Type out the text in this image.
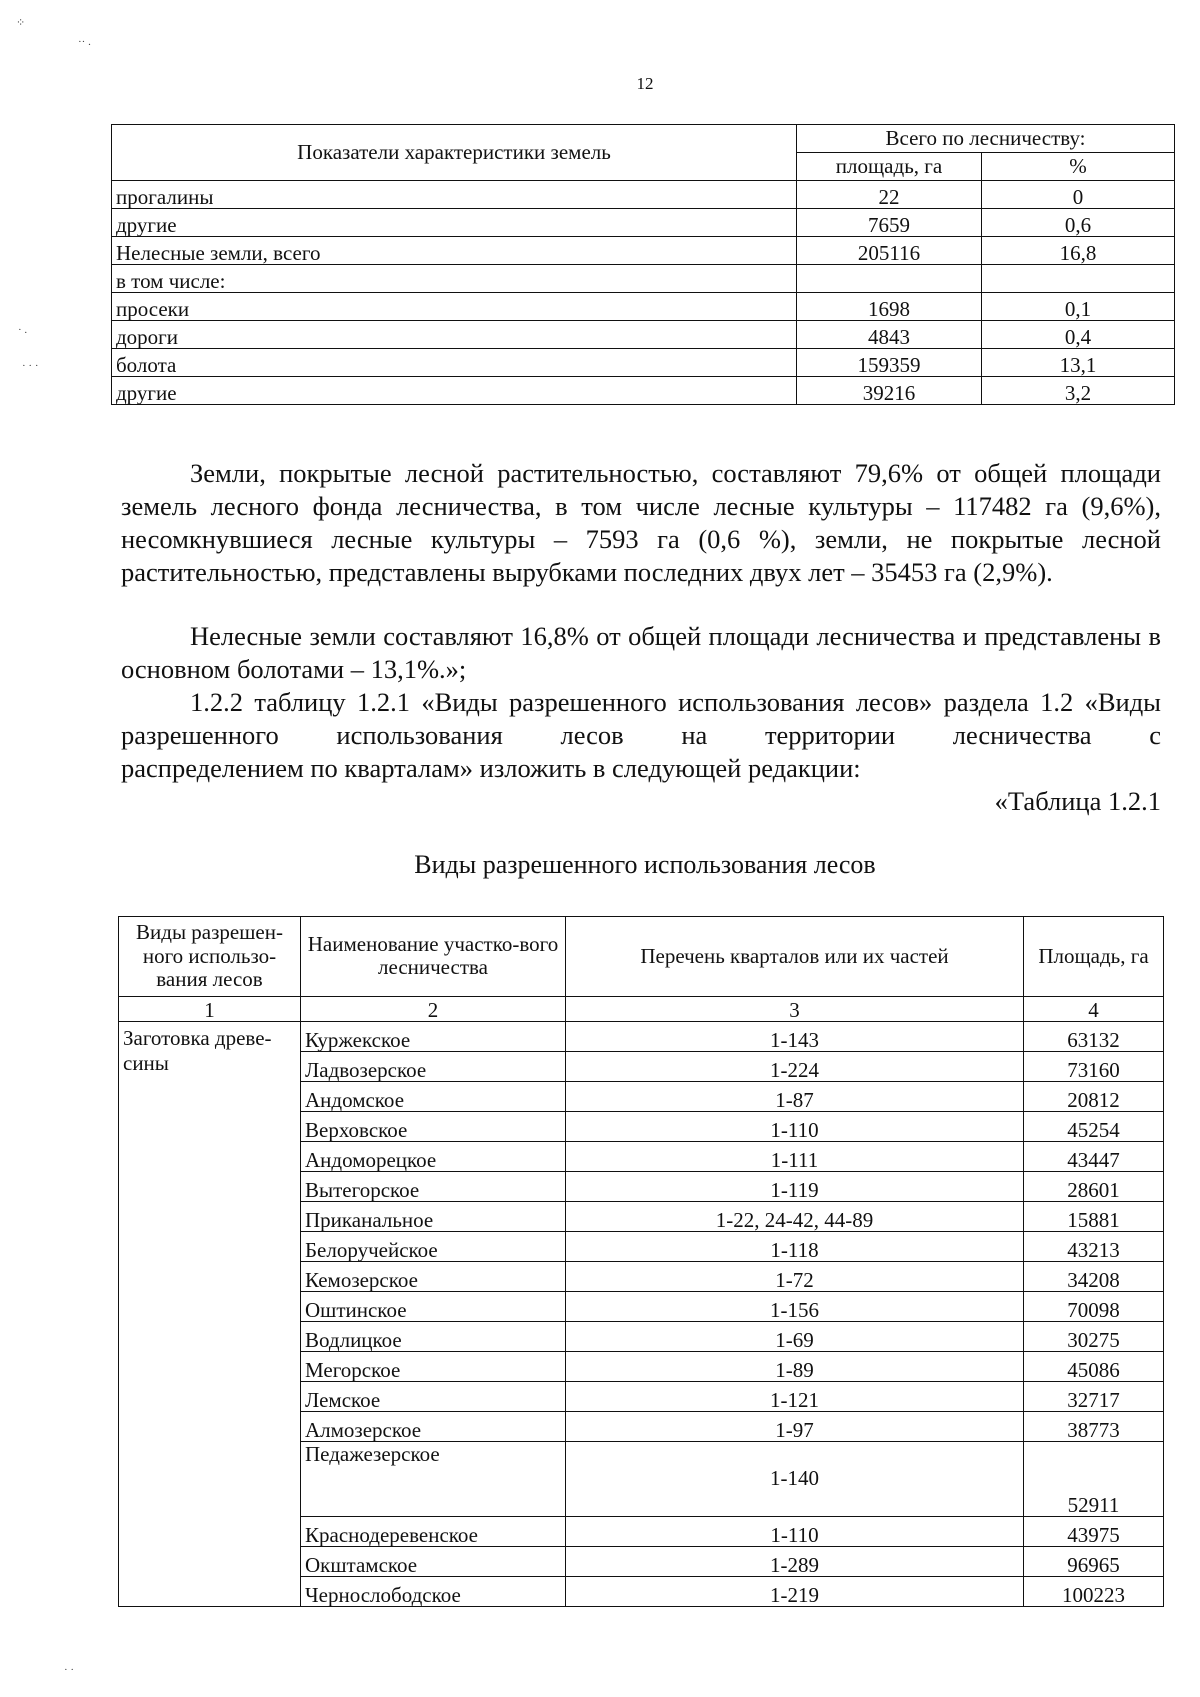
⁘
·· .
· .
· · ·
· ·
12
Показатели характеристики земель	Всего по лесничеству:	
	площадь, га	%
прогалины	22	0
другие	7659	0,6
Нелесные земли, всего	205116	16,8
в том числе:		
просеки	1698	0,1
дороги	4843	0,4
болота	159359	13,1
другие	39216	3,2
Земли, покрытые лесной растительностью, составляют 79,6% от общей площади земель лесного фонда лесничества, в том числе лесные культуры – 117482 га (9,6%), несомкнувшиеся лесные культуры – 7593 га (0,6 %), земли, не покрытые лесной растительностью, представлены вырубками последних двух лет – 35453 га (2,9%).
Нелесные земли составляют 16,8% от общей площади лесничества и представлены в основном болотами – 13,1%.»;
1.2.2 таблицу 1.2.1 «Виды разрешенного использования лесов» раздела 1.2 «Виды разрешенного использования лесов на территории лесничества с
распределением по кварталам» изложить в следующей редакции:
«Таблица 1.2.1
Виды разрешенного использования лесов
Виды разрешен-ного использо-вания лесов	Наименование участко-вого лесничества	Перечень кварталов или их частей	Площадь, га
1	2	3	4
Заготовка древе-сины	Куржекское	1-143	63132
	Ладвозерское	1-224	73160
	Андомское	1-87	20812
	Верховское	1-110	45254
	Андоморецкое	1-111	43447
	Вытегорское	1-119	28601
	Приканальное	1-22, 24-42, 44-89	15881
	Белоручейское	1-118	43213
	Кемозерское	1-72	34208
	Оштинское	1-156	70098
	Водлицкое	1-69	30275
	Мегорское	1-89	45086
	Лемское	1-121	32717
	Алмозерское	1-97	38773
	Педажезерское	1-140	52911
	Краснодеревенское	1-110	43975
	Окштамское	1-289	96965
	Чернослободское	1-219	100223
